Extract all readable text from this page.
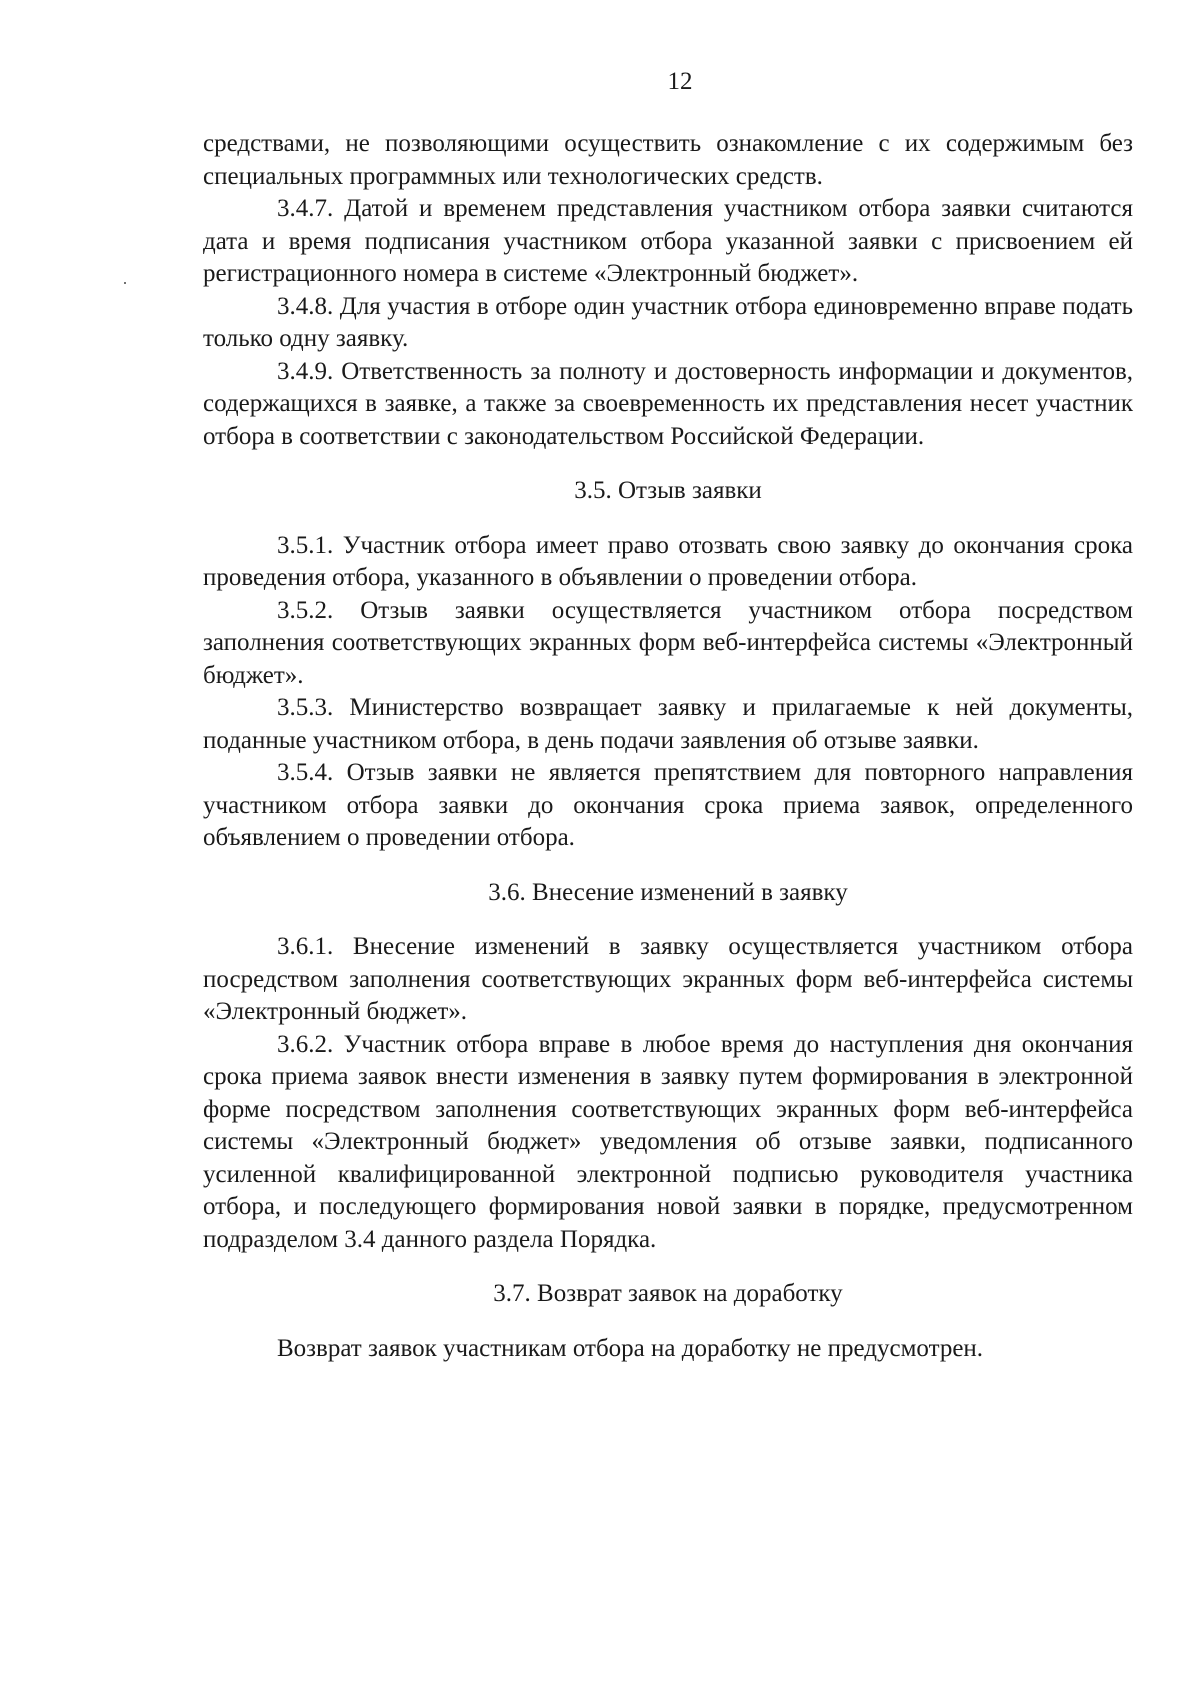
12

средствами, не позволяющими осуществить ознакомление с их содержимым без специальных программных или технологических средств.

3.4.7. Датой и временем представления участником отбора заявки считаются дата и время подписания участником отбора указанной заявки с присвоением ей регистрационного номера в системе «Электронный бюджет».

3.4.8. Для участия в отборе один участник отбора единовременно вправе подать только одну заявку.

3.4.9. Ответственность за полноту и достоверность информации и документов, содержащихся в заявке, а также за своевременность их представления несет участник отбора в соответствии с законодательством Российской Федерации.

3.5. Отзыв заявки

3.5.1. Участник отбора имеет право отозвать свою заявку до окончания срока проведения отбора, указанного в объявлении о проведении отбора.

3.5.2. Отзыв заявки осуществляется участником отбора посредством заполнения соответствующих экранных форм веб-интерфейса системы «Электронный бюджет».

3.5.3. Министерство возвращает заявку и прилагаемые к ней документы, поданные участником отбора, в день подачи заявления об отзыве заявки.

3.5.4. Отзыв заявки не является препятствием для повторного направления участником отбора заявки до окончания срока приема заявок, определенного объявлением о проведении отбора.

3.6. Внесение изменений в заявку

3.6.1. Внесение изменений в заявку осуществляется участником отбора посредством заполнения соответствующих экранных форм веб-интерфейса системы «Электронный бюджет».

3.6.2. Участник отбора вправе в любое время до наступления дня окончания срока приема заявок внести изменения в заявку путем формирования в электронной форме посредством заполнения соответствующих экранных форм веб-интерфейса системы «Электронный бюджет» уведомления об отзыве заявки, подписанного усиленной квалифицированной электронной подписью руководителя участника отбора, и последующего формирования новой заявки в порядке, предусмотренном подразделом 3.4 данного раздела Порядка.

3.7. Возврат заявок на доработку

Возврат заявок участникам отбора на доработку не предусмотрен.
